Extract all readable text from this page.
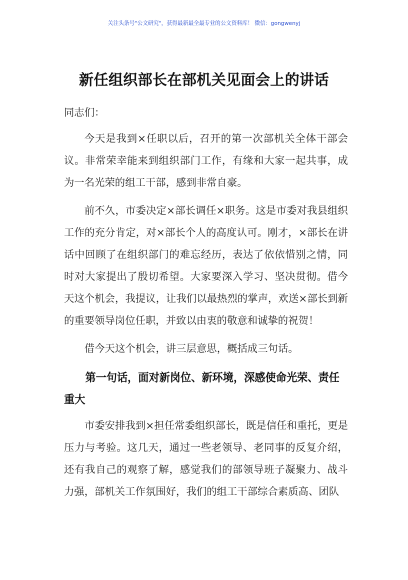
关注头条号"公文研究"，获得最新最全最专业的公文资料库！ 微信：gongwenyj
新任组织部长在部机关见面会上的讲话

同志们：

今天是我到×任职以后，召开的第一次部机关全体干部会议。非常荣幸能来到组织部门工作，有缘和大家一起共事，成为一名光荣的组工干部，感到非常自豪。

前不久，市委决定×部长调任×职务。这是市委对我县组织工作的充分肯定，对×部长个人的高度认可。刚才，×部长在讲话中回顾了在组织部门的难忘经历，表达了依依惜别之情，同时对大家提出了殷切希望。大家要深入学习、坚决贯彻。借今天这个机会，我提议，让我们以最热烈的掌声，欢送×部长到新的重要领导岗位任职，并致以由衷的敬意和诚挚的祝贺！

借今天这个机会，讲三层意思，概括成三句话。

第一句话，面对新岗位、新环境，深感使命光荣、责任重大

市委安排我到×担任常委组织部长，既是信任和重托，更是压力与考验。这几天，通过一些老领导、老同事的反复介绍，还有我自己的观察了解，感觉我们的部领导班子凝聚力、战斗力强，部机关工作氛围好，我们的组工干部综合素质高、团队
